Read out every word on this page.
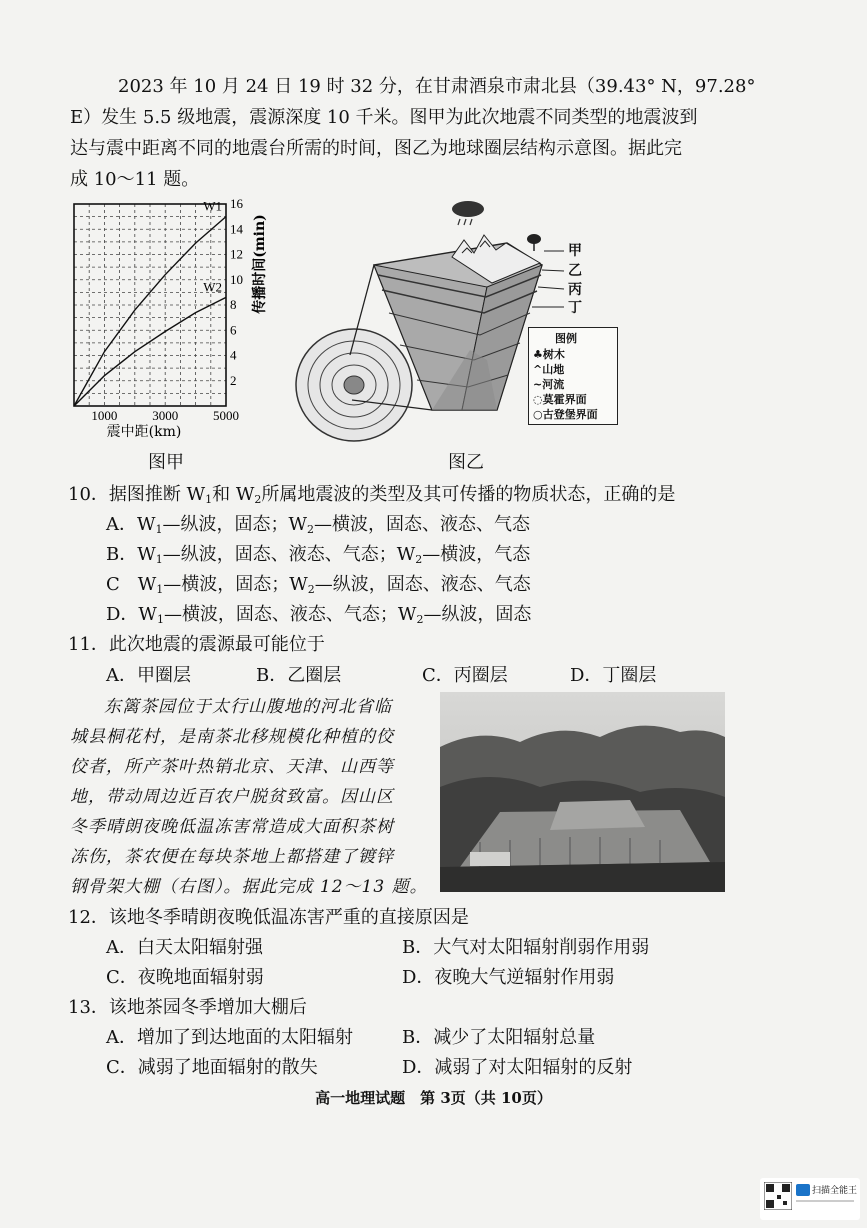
2023 年 10 月 24 日 19 时 32 分，在甘肃酒泉市肃北县（39.43° N，97.28°
E）发生 5.5 级地震，震源深度 10 千米。图甲为此次地震不同类型的地震波到
达与震中距离不同的地震台所需的时间，图乙为地球圈层结构示意图。据此完
成 10～11 题。
1000	3000	5000
2
4
6
8
10
12
14
16
W1
W2
震中距(km)
传播时间(min)
图甲
甲
乙
丙
丁
图例
♣树木
^山地
~河流
◌莫霍界面
○古登堡界面
图乙
10．据图推断 $W_1$和 $W_2$所属地震波的类型及其可传播的物质状态，正确的是
A．$W_1—$纵波，固态；$W_2—$横波，固态、液态、气态
B．$W_1—$纵波，固态、液态、气态；$W_2—$横波，气态
C　$W_1—$横波，固态；$W_2—$纵波，固态、液态、气态
D．$W_1—$横波，固态、液态、气态；$W_2—$纵波，固态
11．此次地震的震源最可能位于
A．甲圈层	B．乙圈层	C．丙圈层	D．丁圈层
东篱茶园位于太行山腹地的河北省临
城县桐花村，是南茶北移规模化种植的佼
佼者，所产茶叶热销北京、天津、山西等
地，带动周边近百农户脱贫致富。因山区
冬季晴朗夜晚低温冻害常造成大面积茶树
冻伤，茶农便在每块茶地上都搭建了镀锌
钢骨架大棚（右图）。据此完成 12～13 题。
12．该地冬季晴朗夜晚低温冻害严重的直接原因是
A．白天太阳辐射强	B．大气对太阳辐射削弱作用弱
C．夜晚地面辐射弱	D．夜晚大气逆辐射作用弱
13．该地茶园冬季增加大棚后
A．增加了到达地面的太阳辐射	B．减少了太阳辐射总量
C．减弱了地面辐射的散失	D．减弱了对太阳辐射的反射
高一地理试题　第 3页（共 10页）
扫描全能王
